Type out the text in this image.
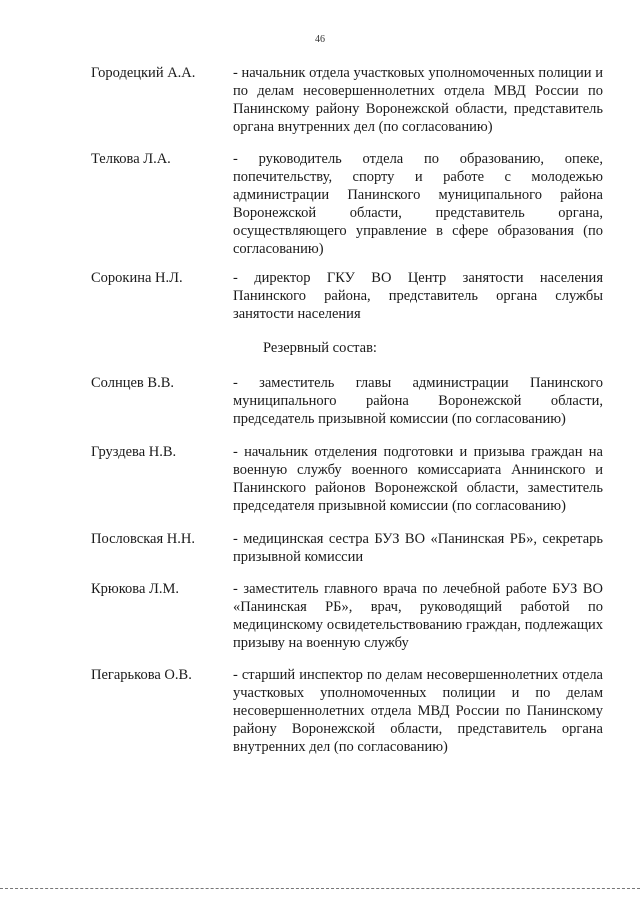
46
Городецкий А.А.	- начальник отдела участковых уполномоченных полиции и по делам несовершеннолетних отдела МВД России по Панинскому району Воронежской области, представитель органа внутренних дел (по согласованию)
Телкова Л.А.	- руководитель отдела по образованию, опеке, попечительству, спорту и работе с молодежью администрации Панинского муниципального района Воронежской области, представитель органа, осуществляющего управление в сфере образования (по согласованию)
Сорокина Н.Л.	- директор ГКУ ВО Центр занятости населения Панинского района, представитель органа службы занятости населения
Резервный состав:
Солнцев В.В.	- заместитель главы администрации Панинского муниципального района Воронежской области, председатель призывной комиссии (по согласованию)
Груздева Н.В.	- начальник отделения подготовки и призыва граждан на военную службу военного комиссариата Аннинского и Панинского районов Воронежской области, заместитель председателя призывной комиссии (по согласованию)
Пословская Н.Н.	- медицинская сестра БУЗ ВО «Панинская РБ», секретарь призывной комиссии
Крюкова Л.М.	- заместитель главного врача по лечебной работе БУЗ ВО «Панинская РБ», врач, руководящий работой по медицинскому освидетельствованию граждан, подлежащих призыву на военную службу
Пегарькова О.В.	- старший инспектор по делам несовершеннолетних отдела участковых уполномоченных полиции и по делам несовершеннолетних отдела МВД России по Панинскому району Воронежской области, представитель органа внутренних дел (по согласованию)
